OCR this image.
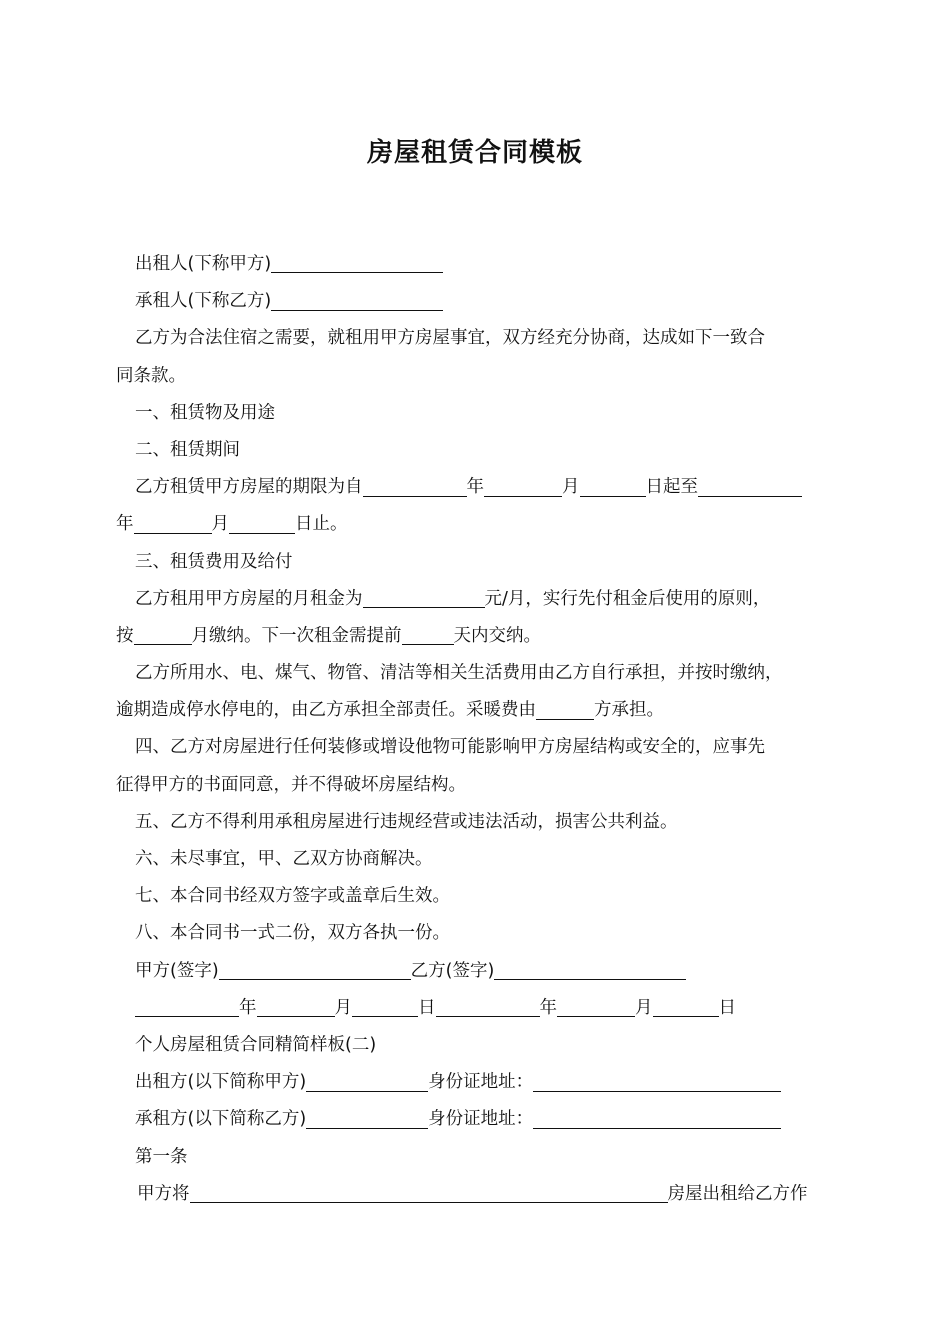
房屋租赁合同模板
出租人(下称甲方)
承租人(下称乙方)
乙方为合法住宿之需要，就租用甲方房屋事宜，双方经充分协商，达成如下一致合
同条款。
一、租赁物及用途
二、租赁期间
乙方租赁甲方房屋的期限为自	年	月	日起至
年	月	日止。
三、租赁费用及给付
乙方租用甲方房屋的月租金为	元/月，实行先付租金后使用的原则，
按	月缴纳。下一次租金需提前	天内交纳。
乙方所用水、电、煤气、物管、清洁等相关生活费用由乙方自行承担，并按时缴纳，
逾期造成停水停电的，由乙方承担全部责任。采暖费由	方承担。
四、乙方对房屋进行任何装修或增设他物可能影响甲方房屋结构或安全的，应事先
征得甲方的书面同意，并不得破坏房屋结构。
五、乙方不得利用承租房屋进行违规经营或违法活动，损害公共利益。
六、未尽事宜，甲、乙双方协商解决。
七、本合同书经双方签字或盖章后生效。
八、本合同书一式二份，双方各执一份。
甲方(签字)	乙方(签字)
年	月	日	年	月	日
个人房屋租赁合同精简样板(二)
出租方(以下简称甲方)	身份证地址：
承租方(以下简称乙方)	身份证地址：
第一条
甲方将	房屋出租给乙方作
